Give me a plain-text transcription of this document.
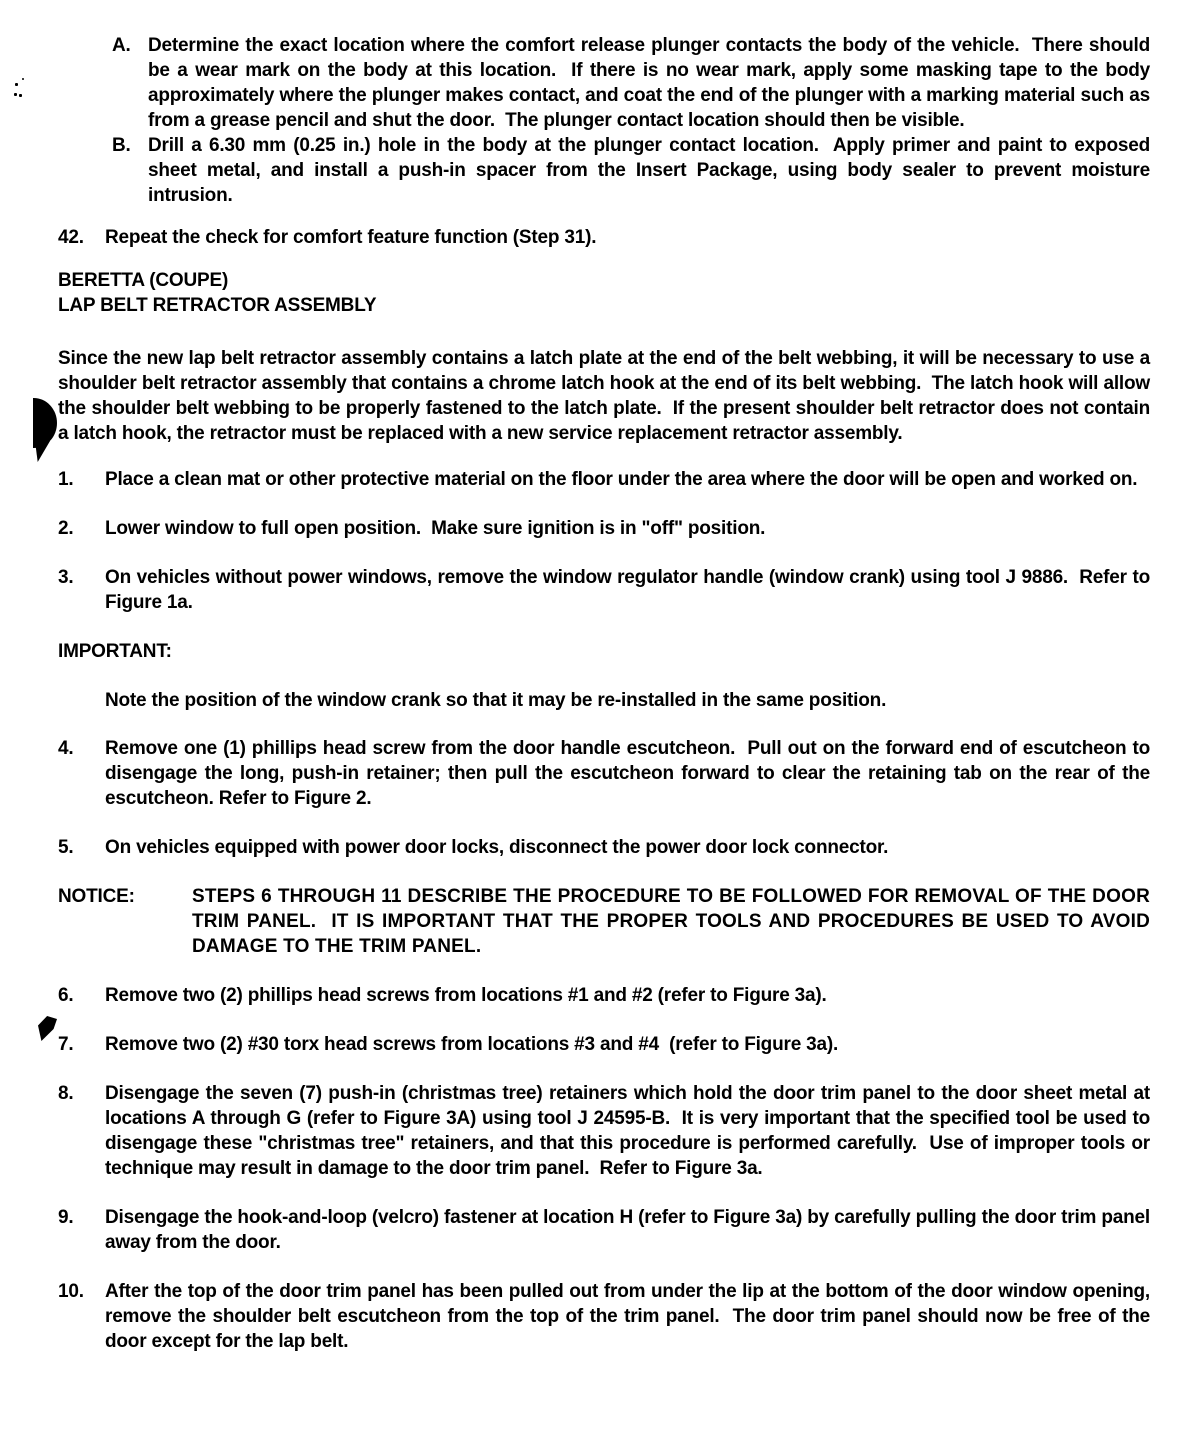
A. Determine the exact location where the comfort release plunger contacts the body of the vehicle.  There should be a wear mark on the body at this location.  If there is no wear mark, apply some masking tape to the body approximately where the plunger makes contact, and coat the end of the plunger with a marking material such as from a grease pencil and shut the door.  The plunger contact location should then be visible.
B. Drill a 6.30 mm (0.25 in.) hole in the body at the plunger contact location.  Apply primer and paint to exposed sheet metal, and install a push-in spacer from the Insert Package, using body sealer to prevent moisture intrusion.
42.	Repeat the check for comfort feature function (Step 31).
BERETTA (COUPE)
LAP BELT RETRACTOR ASSEMBLY

Since the new lap belt retractor assembly contains a latch plate at the end of the belt webbing, it will be necessary to use a shoulder belt retractor assembly that contains a chrome latch hook at the end of its belt webbing.  The latch hook will allow the shoulder belt webbing to be properly fastened to the latch plate.  If the present shoulder belt retractor does not contain a latch hook, the retractor must be replaced with a new service replacement retractor assembly.

1.	Place a clean mat or other protective material on the floor under the area where the door will be open and worked on.
2.	Lower window to full open position.  Make sure ignition is in "off" position.
3.	On vehicles without power windows, remove the window regulator handle (window crank) using tool J 9886.  Refer to Figure 1a.
IMPORTANT:
Note the position of the window crank so that it may be re-installed in the same position.
4.	Remove one (1) phillips head screw from the door handle escutcheon.  Pull out on the forward end of escutcheon to disengage the long, push-in retainer; then pull the escutcheon forward to clear the retaining tab on the rear of the escutcheon. Refer to Figure 2.
5.	On vehicles equipped with power door locks, disconnect the power door lock connector.
NOTICE:	STEPS 6 THROUGH 11 DESCRIBE THE PROCEDURE TO BE FOLLOWED FOR REMOVAL OF THE DOOR TRIM PANEL.  IT IS IMPORTANT THAT THE PROPER TOOLS AND PROCEDURES BE USED TO AVOID DAMAGE TO THE TRIM PANEL.
6.	Remove two (2) phillips head screws from locations #1 and #2 (refer to Figure 3a).
7.	Remove two (2) #30 torx head screws from locations #3 and #4  (refer to Figure 3a).
8.	Disengage the seven (7) push-in (christmas tree) retainers which hold the door trim panel to the door sheet metal at locations A through G (refer to Figure 3A) using tool J 24595-B.  It is very important that the specified tool be used to disengage these "christmas tree" retainers, and that this procedure is performed carefully.  Use of improper tools or technique may result in damage to the door trim panel.  Refer to Figure 3a.
9.	Disengage the hook-and-loop (velcro) fastener at location H (refer to Figure 3a) by carefully pulling the door trim panel away from the door.
10.	After the top of the door trim panel has been pulled out from under the lip at the bottom of the door window opening, remove the shoulder belt escutcheon from the top of the trim panel.  The door trim panel should now be free of the door except for the lap belt.
